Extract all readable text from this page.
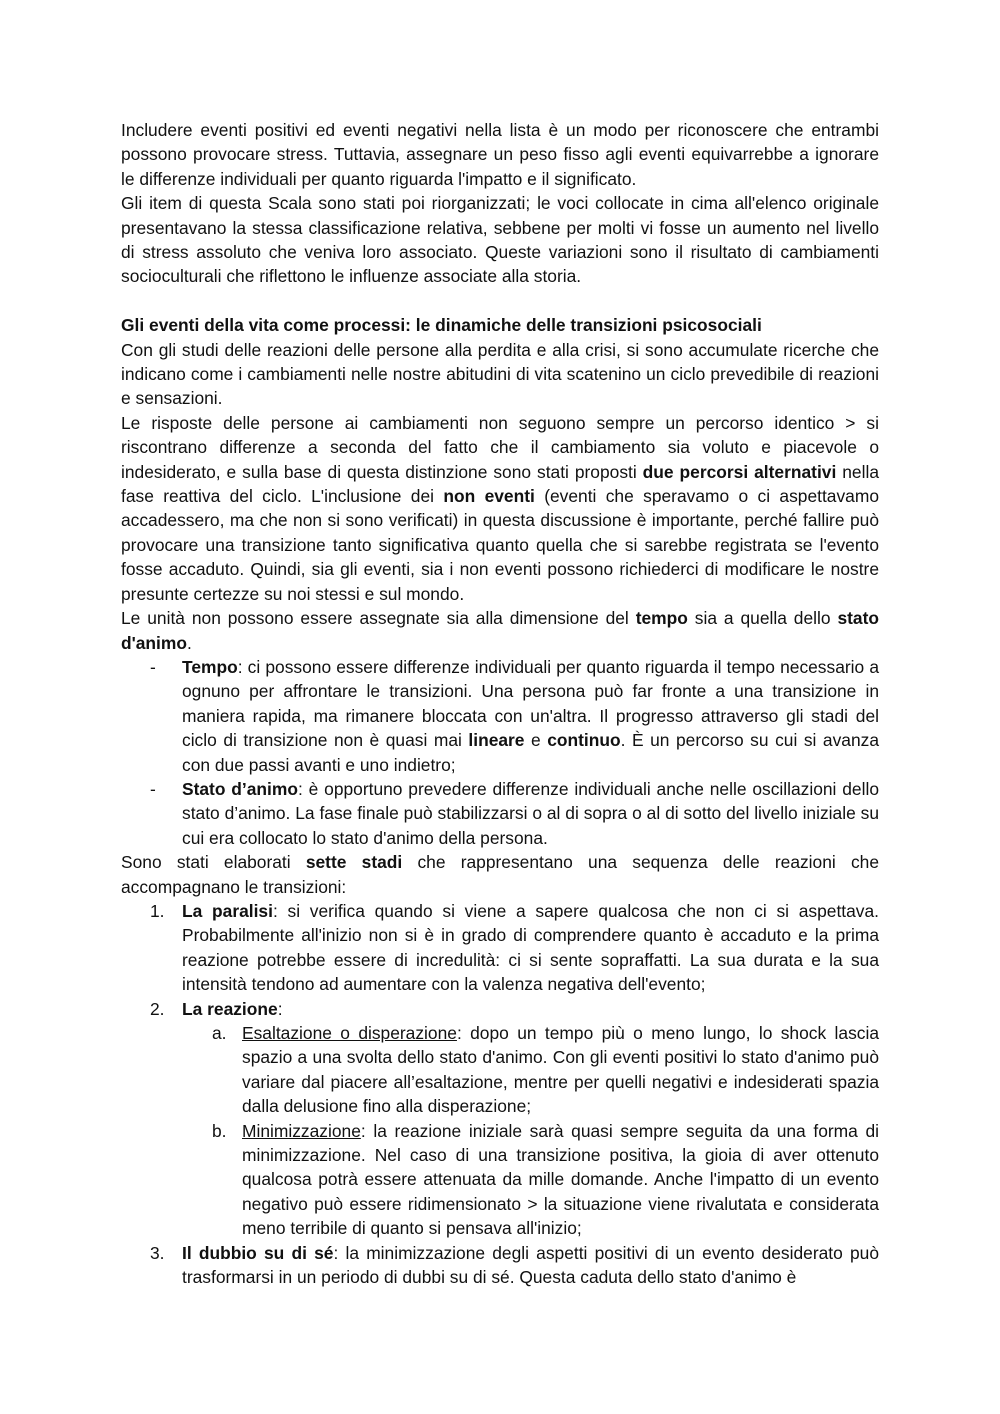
Includere eventi positivi ed eventi negativi nella lista è un modo per riconoscere che entrambi possono provocare stress. Tuttavia, assegnare un peso fisso agli eventi equivarrebbe a ignorare le differenze individuali per quanto riguarda l'impatto e il significato.

Gli item di questa Scala sono stati poi riorganizzati; le voci collocate in cima all'elenco originale presentavano la stessa classificazione relativa, sebbene per molti vi fosse un aumento nel livello di stress assoluto che veniva loro associato. Queste variazioni sono il risultato di cambiamenti socioculturali che riflettono le influenze associate alla storia.

Gli eventi della vita come processi: le dinamiche delle transizioni psicosociali

Con gli studi delle reazioni delle persone alla perdita e alla crisi, si sono accumulate ricerche che indicano come i cambiamenti nelle nostre abitudini di vita scatenino un ciclo prevedibile di reazioni e sensazioni.

Le risposte delle persone ai cambiamenti non seguono sempre un percorso identico > si riscontrano differenze a seconda del fatto che il cambiamento sia voluto e piacevole o indesiderato, e sulla base di questa distinzione sono stati proposti due percorsi alternativi nella fase reattiva del ciclo. L'inclusione dei non eventi (eventi che speravamo o ci aspettavamo accadessero, ma che non si sono verificati) in questa discussione è importante, perché fallire può provocare una transizione tanto significativa quanto quella che si sarebbe registrata se l'evento fosse accaduto. Quindi, sia gli eventi, sia i non eventi possono richiederci di modificare le nostre presunte certezze su noi stessi e sul mondo.

Le unità non possono essere assegnate sia alla dimensione del tempo sia a quella dello stato d'animo.

- Tempo: ci possono essere differenze individuali per quanto riguarda il tempo necessario a ognuno per affrontare le transizioni. Una persona può far fronte a una transizione in maniera rapida, ma rimanere bloccata con un'altra. Il progresso attraverso gli stadi del ciclo di transizione non è quasi mai lineare e continuo. È un percorso su cui si avanza con due passi avanti e uno indietro;
- Stato d’animo: è opportuno prevedere differenze individuali anche nelle oscillazioni dello stato d’animo. La fase finale può stabilizzarsi o al di sopra o al di sotto del livello iniziale su cui era collocato lo stato d'animo della persona.

Sono stati elaborati sette stadi che rappresentano una sequenza delle reazioni che accompagnano le transizioni:

1. La paralisi: si verifica quando si viene a sapere qualcosa che non ci si aspettava. Probabilmente all'inizio non si è in grado di comprendere quanto è accaduto e la prima reazione potrebbe essere di incredulità: ci si sente sopraffatti. La sua durata e la sua intensità tendono ad aumentare con la valenza negativa dell'evento;
2. La reazione:
a. Esaltazione o disperazione: dopo un tempo più o meno lungo, lo shock lascia spazio a una svolta dello stato d'animo. Con gli eventi positivi lo stato d'animo può variare dal piacere all’esaltazione, mentre per quelli negativi e indesiderati spazia dalla delusione fino alla disperazione;
b. Minimizzazione: la reazione iniziale sarà quasi sempre seguita da una forma di minimizzazione. Nel caso di una transizione positiva, la gioia di aver ottenuto qualcosa potrà essere attenuata da mille domande. Anche l'impatto di un evento negativo può essere ridimensionato > la situazione viene rivalutata e considerata meno terribile di quanto si pensava all'inizio;
3. Il dubbio su di sé: la minimizzazione degli aspetti positivi di un evento desiderato può trasformarsi in un periodo di dubbi su di sé. Questa caduta dello stato d'animo è
